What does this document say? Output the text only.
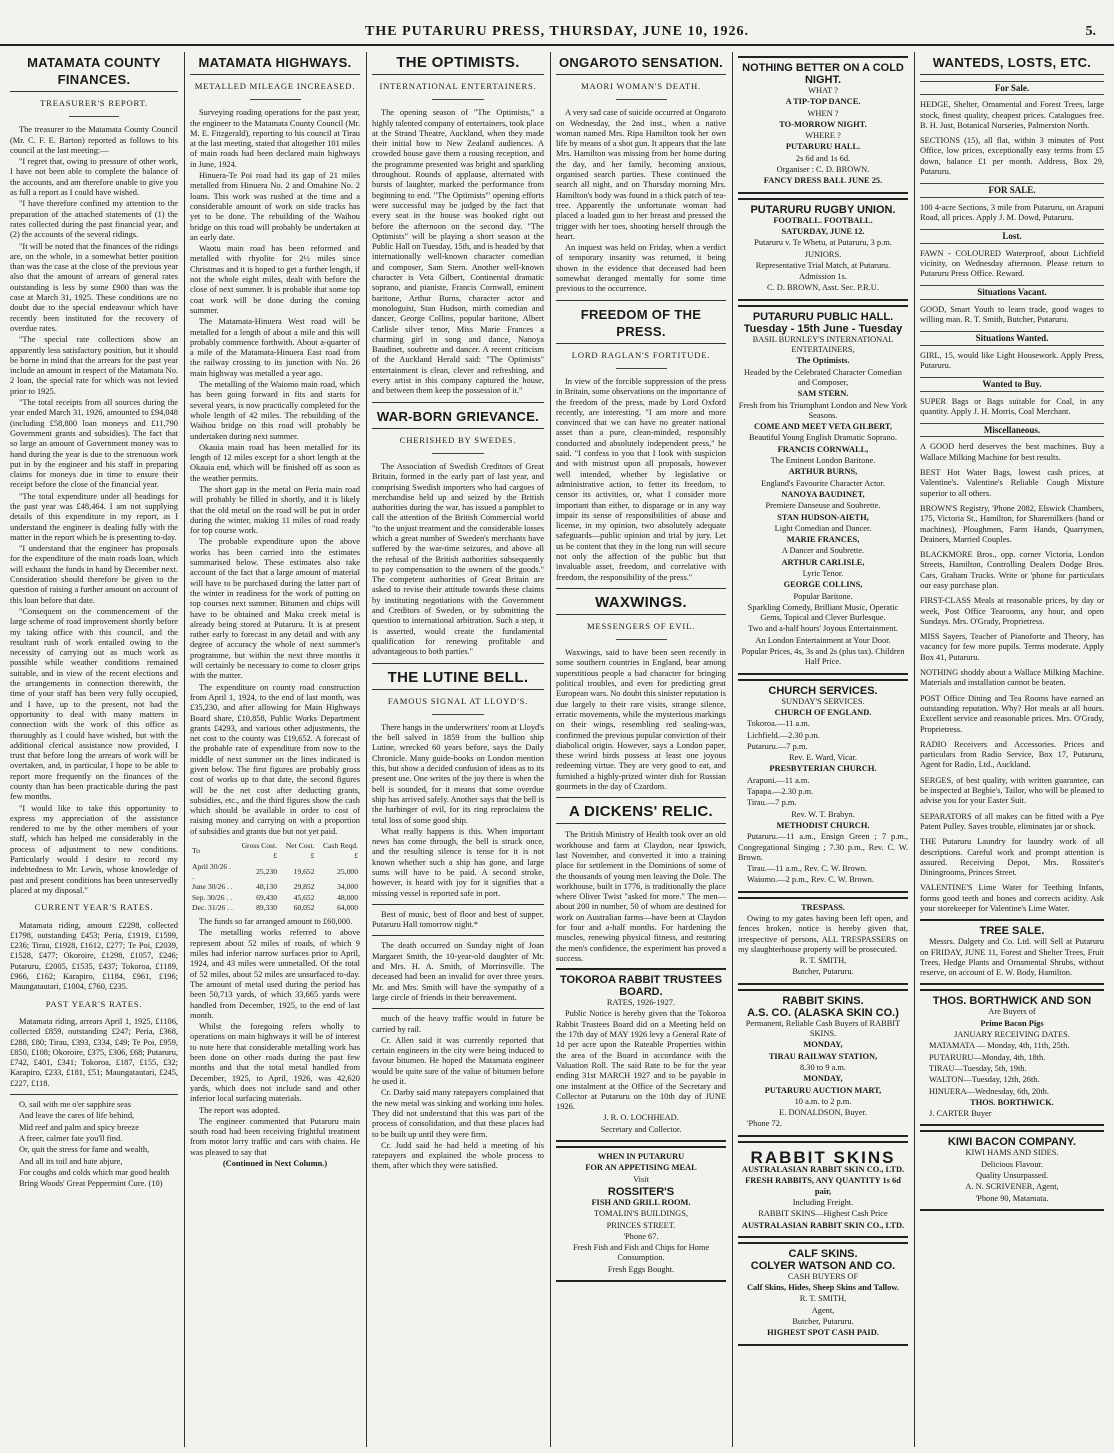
THE PUTARURU PRESS, THURSDAY, JUNE 10, 1926.	5.
MATAMATA COUNTY FINANCES.
TREASURER'S REPORT.

The treasurer to the Matamata County Council (Mr. C. F. E. Barton) reported as follows to his council at the last meeting:—

"I regret that, owing to pressure of other work, I have not been able to complete the balance of the accounts, and am therefore unable to give you as full a report as I could have wished.

"I have therefore confined my attention to the preparation of the attached statements of (1) the rates collected during the past financial year, and (2) the accounts of the several ridings.

"It will be noted that the finances of the ridings are, on the whole, in a somewhat better position than was the case at the close of the previous year also that the amount of arrears of general rates outstanding is less by some £900 than was the case at March 31, 1925. These conditions are no doubt due to the special endeavour which have recently been instituted for the recovery of overdue rates.

"The special rate collections show an apparently less satisfactory position, but it should be borne in mind that the arrears for the past year include an amount in respect of the Matamata No. 2 loan, the special rate for which was not levied prior to 1925.

"The total receipts from all sources during the year ended March 31, 1926, amounted to £94,048 (including £58,800 loan moneys and £11,790 Government grants and subsidies). The fact that so large an amount of Government money was to hand during the year is due to the strenuous work put in by the engineer and his staff in preparing claims for moneys due in time to ensure their receipt before the close of the financial year.

"The total expenditure under all headings for the past year was £48,464. I am not supplying details of this expenditure in my report, as I understand the engineer is dealing fully with the matter in the report which he is presenting to-day.

"I understand that the engineer has proposals for the expenditure of the main roads loan, which will exhaust the funds in hand by December next. Consideration should therefore be given to the question of raising a further amount on account of this loan before that date.

"Consequent on the commencement of the large scheme of road improvement shortly before my taking office with this council, and the resultant rush of work entailed owing to the necessity of carrying out as much work as possible while weather conditions remained suitable, and in view of the recent elections and the arrangements in connection therewith, the time of your staff has been very fully occupied, and I have, up to the present, not had the opportunity to deal with many matters in connection with the work of this office as thoroughly as I could have wished, but with the additional clerical assistance now provided, I trust that before long the arrears of work will be overtaken, and, in particular, I hope to be able to report more frequently on the finances of the county than has been practicable during the past few months.

"I would like to take this opportunity to express my appreciation of the assistance rendered to me by the other members of your staff, which has helped me considerably in the process of adjustment to new conditions. Particularly would I desire to record my indebtedness to Mr. Lewis, whose knowledge of past and present conditions has been unreservedly placed at my disposal."

CURRENT YEAR'S RATES.

Matamata riding, amount £2298, collected £1798, outstanding £453; Peria, £1919, £1599, £236; Tirau, £1928, £1612, £277; Te Poi, £2039, £1528, £477; Okoroire, £1298, £1057, £246; Putaruru, £2005, £1535, £437; Tokoroa, £1189, £966, £162; Karapiro, £1184, £961, £196; Maungatautari, £1004, £760, £235.

PAST YEAR'S RATES.

Matamata riding, arrears April 1, 1925, £1106, collected £859, outstanding £247; Peria, £368, £288, £80; Tirau, £393, £334, £49; Te Poi, £959, £850, £108; Okoroire, £375, £306, £68; Putaruru, £742, £401, £341; Tokoroa, £187, £155, £32; Karapiro, £233, £181, £51; Maungatautari, £245, £227, £118.

O, sail with me o'er sapphire seas

And leave the cares of life behind,

Mid reef and palm and spicy breeze

A freer, calmer fate you'll find.

Or, quit the stress for fame and wealth,

And all its toil and hate abjure,

For coughs and colds which mar good health

Bring Woods' Great Peppermint Cure. (10)

MATAMATA HIGHWAYS.
METALLED MILEAGE INCREASED.

Surveying roading operations for the past year, the engineer to the Matamata County Council (Mr. M. E. Fitzgerald), reporting to his council at Tirau at the last meeting, stated that altogether 101 miles of main roads had been declared main highways in June, 1924.

Hinuera-Te Poi road had its gap of 21 miles metalled from Hinuera No. 2 and Omahine No. 2 loans. This work was rushed at the time and a considerable amount of work on side tracks has yet to be done. The rebuilding of the Waihou bridge on this road will probably be undertaken at an early date.

Waotu main road has been reformed and metalled with rhyolite for 2½ miles since Christmas and it is hoped to get a further length, if not the whole eight miles, dealt with before the close of next summer. It is probable that some top coat work will be done during the coming summer.

The Matamata-Hinuera West road will be metalled for a length of about a mile and this will probably commence forthwith. About a-quarter of a mile of the Matamata-Hinuera East road from the railway crossing to its junction with No. 26 main highway was metalled a year ago.

The metalling of the Waiomo main road, which has been going forward in fits and starts for several years, is now practically completed for the whole length of 42 miles. The rebuilding of the Waihou bridge on this road will probably be undertaken during next summer.

Okauia main road has been metalled for its length of 12 miles except for a short length at the Okauia end, which will be finished off as soon as the weather permits.

The short gap in the metal on Peria main road will probably be filled in shortly, and it is likely that the old metal on the road will be put in order during the winter, making 11 miles of road ready for top course work.

The probable expenditure upon the above works has been carried into the estimates summarised below. These estimates also take account of the fact that a large amount of material will have to be purchased during the latter part of the winter in readiness for the work of putting on top courses next summer. Bitumen and chips will have to be obtained and Maku creek metal is already being stored at Putaruru. It is at present rather early to forecast in any detail and with any degree of accuracy the whole of next summer's programme, but within the next three months it will certainly be necessary to come to closer grips with the matter.

The expenditure on county road construction from April 1, 1924, to the end of last month, was £35,230, and after allowing for Main Highways Board share, £10,858, Public Works Department grants £4293, and various other adjustments, the net cost to the county was £19,652. A forecast of the probable rate of expenditure from now to the middle of next summer on the lines indicated is given below. The first figures are probably gross cost of works up to that date, the second figures will be the net cost after deducting grants, subsidies, etc., and the third figures show the cash which should be available in order to cost of raising money and carrying on with a proportion of subsidies and grants due but not yet paid.

To	Gross Cost. £	Net Cost. £	Cash Reqd. £
April 30/26 . .	25,230	19,652	25,000
June 30/26 . .	48,130	29,852	34,000
Sep. 30/26 . .	69,430	45,652	48,000
Dec. 31/26 . .	89,330	60,052	64,000

The funds so far arranged amount to £60,000.

The metalling works referred to above represent about 52 miles of roads, of which 9 miles had inferior narrow surfaces prior to April, 1924, and 43 miles were unmetalled. Of the total of 52 miles, about 52 miles are unsurfaced to-day. The amount of metal used during the period has been 50,713 yards, of which 33,665 yards were handled from December, 1925, to the end of last month.

Whilst the foregoing refers wholly to operations on main highways it will be of interest to note here that considerable metalling work has been done on other roads during the past few months and that the total metal handled from December, 1925, to April, 1926, was 42,620 yards, which does not include sand and other inferior local surfacing materials.

The report was adopted.

The engineer commented that Putaruru main south road had been receiving frightful treatment from motor lorry traffic and cars with chains. He was pleased to say that

(Continued in Next Column.)

THE OPTIMISTS.
INTERNATIONAL ENTERTAINERS.

The opening season of "The Optimists," a highly talented company of entertainers, took place at the Strand Theatre, Auckland, when they made their initial bow to New Zealand audiences. A crowded house gave them a rousing reception, and the programme presented was bright and sparkling throughout. Rounds of applause, alternated with bursts of laughter, marked the performance from beginning to end. "The Optimists'" opening efforts were successful may be judged by the fact that every seat in the house was booked right out before the afternoon on the second day. "The Optimists" will be playing a short season at the Public Hall on Tuesday, 15th, and is headed by that internationally well-known character comedian and composer, Sam Stern. Another well-known character is Veta Gilbert, Continental dramatic soprano, and pianiste, Francis Cornwall, eminent baritone, Arthur Burns, character actor and monologuist, Stan Hudson, mirth comedian and dancer, George Collins, popular baritone, Albert Carlisle silver tenor, Miss Marie Frances a charming girl in song and dance, Nanoya Baudinet, soubrette and dancer. A recent criticism of the Auckland Herald said: "The Optimists" entertainment is clean, clever and refreshing, and every artist in this company captured the house, and between them keep the possession of it."

WAR-BORN GRIEVANCE.
CHERISHED BY SWEDES.

The Association of Swedish Creditors of Great Britain, formed in the early part of last year, and comprising Swedish importers who had cargoes of merchandise held up and seized by the British authorities during the war, has issued a pamphlet to call the attention of the British Commercial world "to the unjust treatment and the considerable losses which a great number of Sweden's merchants have suffered by the war-time seizures, and above all the refusal of the British authorities subsequently to pay compensation to the owners of the goods." The competent authorities of Great Britain are asked to revise their attitude towards these claims by instituting negotiations with the Government and Creditors of Sweden, or by submitting the question to international arbitration. Such a step, it is asserted, would create the fundamental qualification for renewing profitable and advantageous to both parties."

THE LUTINE BELL.
FAMOUS SIGNAL AT LLOYD'S.

There hangs in the underwriters' room at Lloyd's the bell salved in 1859 from the bullion ship Lutine, wrecked 60 years before, says the Daily Chronicle. Many guide-books on London mention this, but show a decided confusion of ideas as to its present use. One writes of the joy there is when the bell is sounded, for it means that some overdue ship has arrived safely. Another says that the bell is the harbinger of evil, for its ring reproclaims the total loss of some good ship.

What really happens is this. When important news has come through, the bell is struck once, and the resulting silence is tense for it is not known whether such a ship has gone, and large sums will have to be paid. A second stroke, however, is heard with joy for it signifies that a missing vessel is reported safe in port.

Best of music, best of floor and best of supper, Putaruru Hall tomorrow night.*

The death occurred on Sunday night of Joan Margaret Smith, the 10-year-old daughter of Mr. and Mrs. H. A. Smith, of Morrinsville. The deceased had been an invalid for over three years. Mr. and Mrs. Smith will have the sympathy of a large circle of friends in their bereavement.

much of the heavy traffic would in future be carried by rail.

Cr. Allen said it was currently reported that certain engineers in the city were being induced to favour bitumen. He hoped the Matamata engineer would be quite sure of the value of bitumen before he used it.

Cr. Darby said many ratepayers complained that the new metal was sinking and working into holes. They did not understand that this was part of the process of consolidation, and that these places had to be built up until they were firm.

Cr. Judd said he had held a meeting of his ratepayers and explained the whole process to them, after which they were satisfied.

ONGAROTO SENSATION.
MAORI WOMAN'S DEATH.

A very sad case of suicide occurred at Ongaroto on Wednesday, the 2nd inst., when a native woman named Mrs. Ripa Hamilton took her own life by means of a shot gun. It appears that the late Mrs. Hamilton was missing from her home during the day, and her family, becoming anxious, organised search parties. These continued the search all night, and on Thursday morning Mrs. Hamilton's body was found in a thick patch of tea-tree. Apparently the unfortunate woman had placed a loaded gun to her breast and pressed the trigger with her toes, shooting herself through the heart.

An inquest was held on Friday, when a verdict of temporary insanity was returned, it being shown in the evidence that deceased had been somewhat deranged mentally for some time previous to the occurrence.

FREEDOM OF THE PRESS.
LORD RAGLAN'S FORTITUDE.

In view of the forcible suppression of the press in Britain, some observations on the importance of the freedom of the press, made by Lord Oxford recently, are interesting. "I am more and more convinced that we can have no greater national asset than a pure, clean-minded, responsibly conducted and absolutely independent press," he said. "I confess to you that I look with suspicion and with mistrust upon all proposals, however well intended, whether by legislative or administrative action, to fetter its freedom, to censor its activities, or, what I consider more important than either, to disparage or in any way impair its sense of responsibilities of abuse and license, in my opinion, two absolutely adequate safeguards—public opinion and trial by jury. Let us be content that they in the long run will secure not only the affection of the public but that invaluable asset, freedom, and correlative with freedom, the responsibility of the press."

WAXWINGS.
MESSENGERS OF EVIL.

Waxwings, said to have been seen recently in some southern countries in England, bear among superstitious people a bad character for bringing political troubles, and even for predicting great European wars. No doubt this sinister reputation is due largely to their rare visits, strange silence, erratic movements, while the mysterious markings on their wings, resembling red sealing-wax, confirmed the previous popular conviction of their diabolical origin. However, says a London paper, these weird birds possess at least one joyous redeeming virtue. They are very good to eat, and furnished a highly-prized winter dish for Russian gourmets in the day of Czardom.

A DICKENS' RELIC.

The British Ministry of Health took over an old workhouse and farm at Claydon, near Ipswich, last November, and converted it into a training place for settlement in the Dominions of some of the thousands of young men leaving the Dole. The workhouse, built in 1776, is traditionally the place where Oliver Twist "asked for more." The men—about 200 in number, 50 of whom are destined for work on Australian farms—have been at Claydon for four and a-half months. For hardening the muscles, renewing physical fitness, and restoring the men's confidence, the experiment has proved a success.

TOKOROA RABBIT TRUSTEES BOARD.

RATES, 1926-1927.

Public Notice is hereby given that the Tokoroa Rabbit Trustees Board did on a Meeting held on the 17th day of MAY 1926 levy a General Rate of 1d per acre upon the Rateable Properties within the area of the Board in accordance with the Valuation Roll. The said Rate to be for the year ending 31st MARCH 1927 and to be payable in one instalment at the Office of the Secretary and Collector at Putaruru on the 10th day of JUNE 1926.

J. R. O. LOCHHEAD.

Secretary and Collector.

WHEN IN PUTARURU

FOR AN APPETISING MEAL

Visit

ROSSITER'S

FISH AND GRILL ROOM.

TOMALIN'S BUILDINGS,

PRINCES STREET.

'Phone 67.

Fresh Fish and Fish and Chips for Home Consumption.

Fresh Eggs Bought.

NOTHING BETTER ON A COLD NIGHT.

WHAT ?

A TIP-TOP DANCE.

WHEN ?

TO-MORROW NIGHT.

WHERE ?

PUTARURU HALL.

2s 6d and 1s 6d.

Organiser : C. D. BROWN.

FANCY DRESS BALL JUNE 25.

PUTARURU RUGBY UNION.

FOOTBALL. FOOTBALL.

SATURDAY, JUNE 12.

Putaruru v. Te Whetu, at Putaruru, 3 p.m.

JUNIORS.

Representative Trial Match, at Putaruru.

Admission 1s.

C. D. BROWN, Asst. Sec. P.R.U.

PUTARURU PUBLIC HALL.
Tuesday - 15th June - Tuesday

BASIL BURNLEY'S INTERNATIONAL ENTERTAINERS,

The Optimists.

Headed by the Celebrated Character Comedian and Composer,

SAM STERN.

Fresh from his Triumphant London and New York Seasons.

COME AND MEET VETA GILBERT,

Beautiful Young English Dramatic Soprano.

FRANCIS CORNWALL,

The Eminent London Baritone.

ARTHUR BURNS,

England's Favourite Character Actor.

NANOYA BAUDINET,

Premiere Danseuse and Soubrette.

STAN HUDSON-AIETH,

Light Comedian and Dancer.

MARIE FRANCES,

A Dancer and Soubrette.

ARTHUR CARLISLE,

Lyric Tenor.

GEORGE COLLINS,

Popular Baritone.

Sparkling Comedy, Brilliant Music, Operatic Gems, Topical and Clever Burlesque.

Two and a-half hours' Joyous Entertainment.

An London Entertainment at Your Door.

Popular Prices, 4s, 3s and 2s (plus tax). Children Half Price.

CHURCH SERVICES.

SUNDAY'S SERVICES.

CHURCH OF ENGLAND.

Tokoroa.—11 a.m.

Lichfield.—2.30 p.m.

Putaruru.—7 p.m.

Rev. E. Ward, Vicar.

PRESBYTERIAN CHURCH.

Arapuni.—11 a.m.

Tapapa.—2.30 p.m.

Tirau.—7 p.m.

Rev. W. T. Brabyn.

METHODIST CHURCH.

Putaruru.—11 a.m., Ensign Green ; 7 p.m., Congregational Singing ; 7.30 p.m., Rev. C. W. Brown.

Tirau.—11 a.m., Rev. C. W. Brown.

Waiomo.—2 p.m., Rev. C. W. Brown.

TRESPASS.

Owing to my gates having been left open, and fences broken, notice is hereby given that, irrespective of persons, ALL TRESPASSERS on my slaughterhouse property will be prosecuted.

R. T. SMITH,

Butcher, Putaruru.

RABBIT SKINS.
A.S. CO. (ALASKA SKIN CO.)

Permanent, Reliable Cash Buyers of RABBIT SKINS.

MONDAY,

TIRAU RAILWAY STATION,

8.30 to 9 a.m.

MONDAY,

PUTARURU AUCTION MART,

10 a.m. to 2 p.m.

E. DONALDSON, Buyer.

'Phone 72.

RABBIT SKINS

AUSTRALASIAN RABBIT SKIN CO., LTD.

FRESH RABBITS, ANY QUANTITY 1s 6d pair,

Including Freight.

RABBIT SKINS—Highest Cash Price

AUSTRALASIAN RABBIT SKIN CO., LTD.

CALF SKINS.
COLYER WATSON AND CO.

CASH BUYERS OF

Calf Skins, Hides, Sheep Skins and Tallow.

R. T. SMITH,

Agent,

Butcher, Putaruru.

HIGHEST SPOT CASH PAID.

WANTEDS, LOSTS, ETC.
For Sale.

HEDGE, Shelter, Ornamental and Forest Trees, large stock, finest quality, cheapest prices. Catalogues free. B. H. Just, Botanical Nurseries, Palmerston North.

SECTIONS (15), all flat, within 3 minutes of Post Office, low prices, exceptionally easy terms from £5 down, balance £1 per month. Address, Box 29, Putaruru.

FOR SALE.

100 4-acre Sections, 3 mile from Putaruru, on Arapuni Road, all prices. Apply J. M. Dowd, Putaruru.

Lost.

FAWN - COLOURED Waterproof, about Lichfield vicinity, on Wednesday afternoon. Please return to Putaruru Press Office. Reward.

Situations Vacant.

GOOD, Smart Youth to learn trade, good wages to willing man. R. T. Smith, Butcher, Putaruru.

Situations Wanted.

GIRL, 15, would like Light Housework. Apply Press, Putaruru.

Wanted to Buy.

SUPER Bags or Bags suitable for Coal, in any quantity. Apply J. H. Morris, Coal Merchant.

Miscellaneous.

A GOOD herd deserves the best machines. Buy a Wallace Milking Machine for best results.

BEST Hot Water Bags, lowest cash prices, at Valentine's. Valentine's Reliable Cough Mixture superior to all others.

BROWN'S Registry, 'Phone 2082, Elswick Chambers, 175, Victoria St., Hamilton, for Sharemilkers (hand or machines), Ploughmen, Farm Hands, Quarrymen, Drainers, Married Couples.

BLACKMORE Bros., opp. corner Victoria, London Streets, Hamilton, Controlling Dealers Dodge Bros. Cars, Graham Trucks. Write or 'phone for particulars our easy purchase plan.

FIRST-CLASS Meals at reasonable prices, by day or week, Post Office Tearooms, any hour, and open Sundays. Mrs. O'Grady, Proprietress.

MISS Sayers, Teacher of Pianoforte and Theory, has vacancy for few more pupils. Terms moderate. Apply Box 41, Putaruru.

NOTHING shoddy about a Wallace Milking Machine. Materials and installation cannot be beaten.

POST Office Dining and Tea Rooms have earned an outstanding reputation. Why? Hot meals at all hours. Excellent service and reasonable prices. Mrs. O'Grady, Proprietress.

RADIO Receivers and Accessories. Prices and particulars from Radio Service, Box 17, Putaruru, Agent for Radio, Ltd., Auckland.

SERGES, of best quality, with written guarantee, can be inspected at Begbie's, Tailor, who will be pleased to advise you for your Easter Suit.

SEPARATORS of all makes can be fitted with a Pye Patent Pulley. Saves trouble, eliminates jar or shock.

THE Putaruru Laundry for laundry work of all descriptions. Careful work and prompt attention is assured. Receiving Depot, Mrs. Rossiter's Diningrooms, Princes Street.

VALENTINE'S Lime Water for Teething Infants, forms good teeth and bones and corrects acidity. Ask your storekeeper for Valentine's Lime Water.

TREE SALE.

Messrs. Dalgety and Co. Ltd. will Sell at Putaruru on FRIDAY, JUNE 11, Forest and Shelter Trees, Fruit Trees, Hedge Plants and Ornamental Shrubs, without reserve, on account of E. W. Body, Hamilton.

THOS. BORTHWICK AND SON

Are Buyers of

Prime Bacon Pigs

JANUARY RECEIVING DATES.

MATAMATA — Monday, 4th, 11th, 25th.

PUTARURU—Monday, 4th, 18th.

TIRAU—Tuesday, 5th, 19th.

WALTON—Tuesday, 12th, 26th.

HINUERA—Wednesday, 6th, 20th.

THOS. BORTHWICK.

J. CARTER Buyer

KIWI BACON COMPANY.

KIWI HAMS AND SIDES.

Delicious Flavour.

Quality Unsurpassed.

A. N. SCRIVENER, Agent,

'Phone 90, Matamata.
